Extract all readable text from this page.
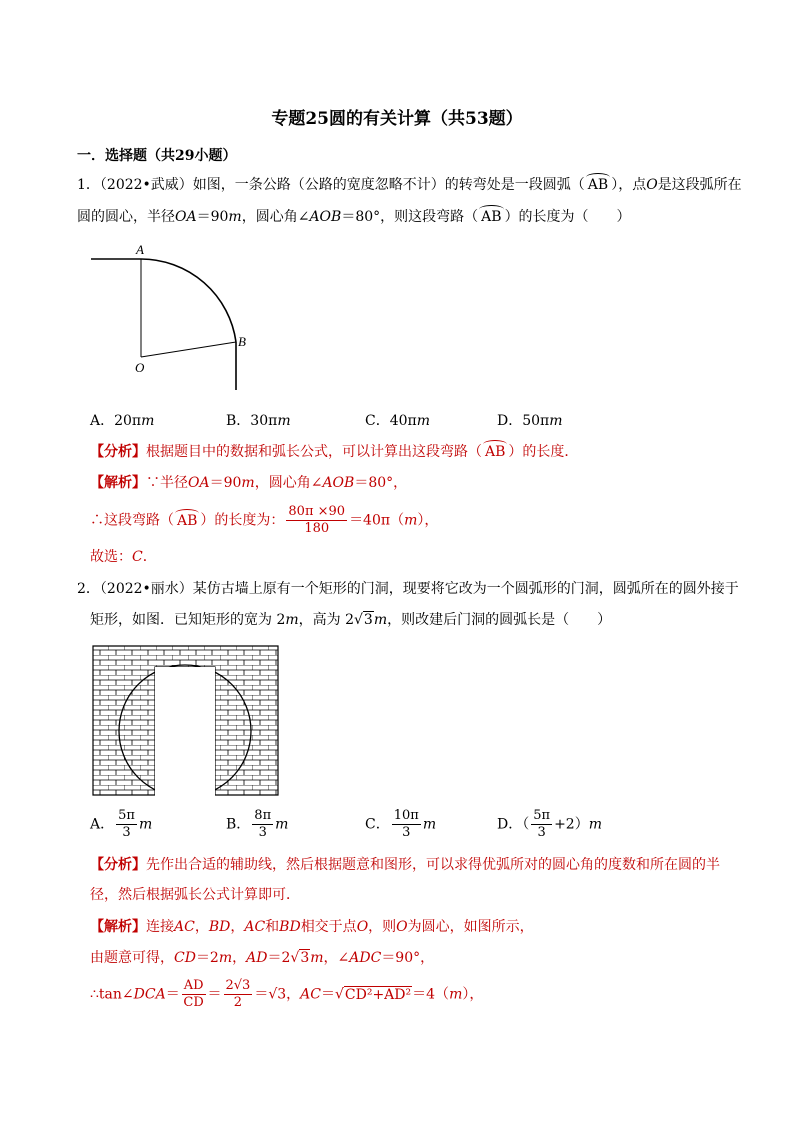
专题25圆的有关计算（共53题）
一．选择题（共29小题）
1．（2022•武威）如图，一条公路（公路的宽度忽略不计）的转弯处是一段圆弧（ AB ），点O是这段弧所在
圆的圆心，半径OA＝90m，圆心角∠AOB＝80°，则这段弯路（ AB ）的长度为（　　）
A
B
O
A．20πm	B．30πm	C．40πm	D．50πm
【分析】根据题目中的数据和弧长公式，可以计算出这段弯路（ AB ）的长度．
【解析】∵半径OA＝90m，圆心角∠AOB＝80°，
∴这段弯路（ AB ）的长度为： $\frac{80\pi \times 90}{180} =40\pi(m)$，
故选：C．
2．（2022•丽水）某仿古墙上原有一个矩形的门洞，现要将它改为一个圆弧形的门洞，圆弧所在的圆外接于
矩形，如图．已知矩形的宽为 2m，高为 2√3m，则改建后门洞的圆弧长是（　　）
A． $\frac{5\pi}{3}$ m	B． $\frac{8\pi}{3}$ m	C． $\frac{10\pi}{3}$ m	D．（ $\frac{5\pi}{3} +2)m$
【分析】先作出合适的辅助线，然后根据题意和图形，可以求得优弧所对的圆心角的度数和所在圆的半
径，然后根据弧长公式计算即可．
【解析】连接AC，BD，AC和BD相交于点O，则O为圆心，如图所示，
由题意可得，CD＝2m，AD＝2√3m，∠ADC＝90°，
∴tan∠DCA＝ $\frac{AD}{CD} = \frac{2√3}{2} =√3$，AC＝√CD²+AD²＝4（m），
